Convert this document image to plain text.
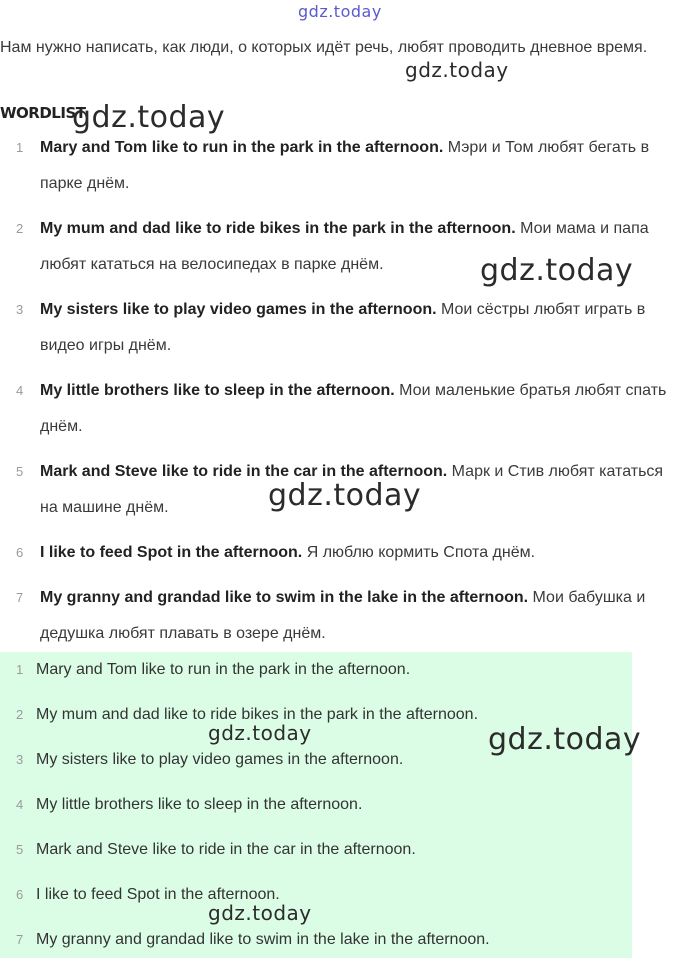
gdz.today
Нам нужно написать, как люди, о которых идёт речь, любят проводить дневное время.
WORDLIST
1 Mary and Tom like to run in the park in the afternoon. Мэри и Том любят бегать в парке днём.
2 My mum and dad like to ride bikes in the park in the afternoon. Мои мама и папа любят кататься на велосипедах в парке днём.
3 My sisters like to play video games in the afternoon. Мои сёстры любят играть в видео игры днём.
4 My little brothers like to sleep in the afternoon. Мои маленькие братья любят спать днём.
5 Mark and Steve like to ride in the car in the afternoon. Марк и Стив любят кататься на машине днём.
6 I like to feed Spot in the afternoon. Я люблю кормить Спота днём.
7 My granny and grandad like to swim in the lake in the afternoon. Мои бабушка и дедушка любят плавать в озере днём.
1 Mary and Tom like to run in the park in the afternoon.
2 My mum and dad like to ride bikes in the park in the afternoon.
3 My sisters like to play video games in the afternoon.
4 My little brothers like to sleep in the afternoon.
5 Mark and Steve like to ride in the car in the afternoon.
6 I like to feed Spot in the afternoon.
7 My granny and grandad like to swim in the lake in the afternoon.
gdz.today
gdz.today
gdz.today
gdz.today
gdz.today	gdz.today
gdz.today
